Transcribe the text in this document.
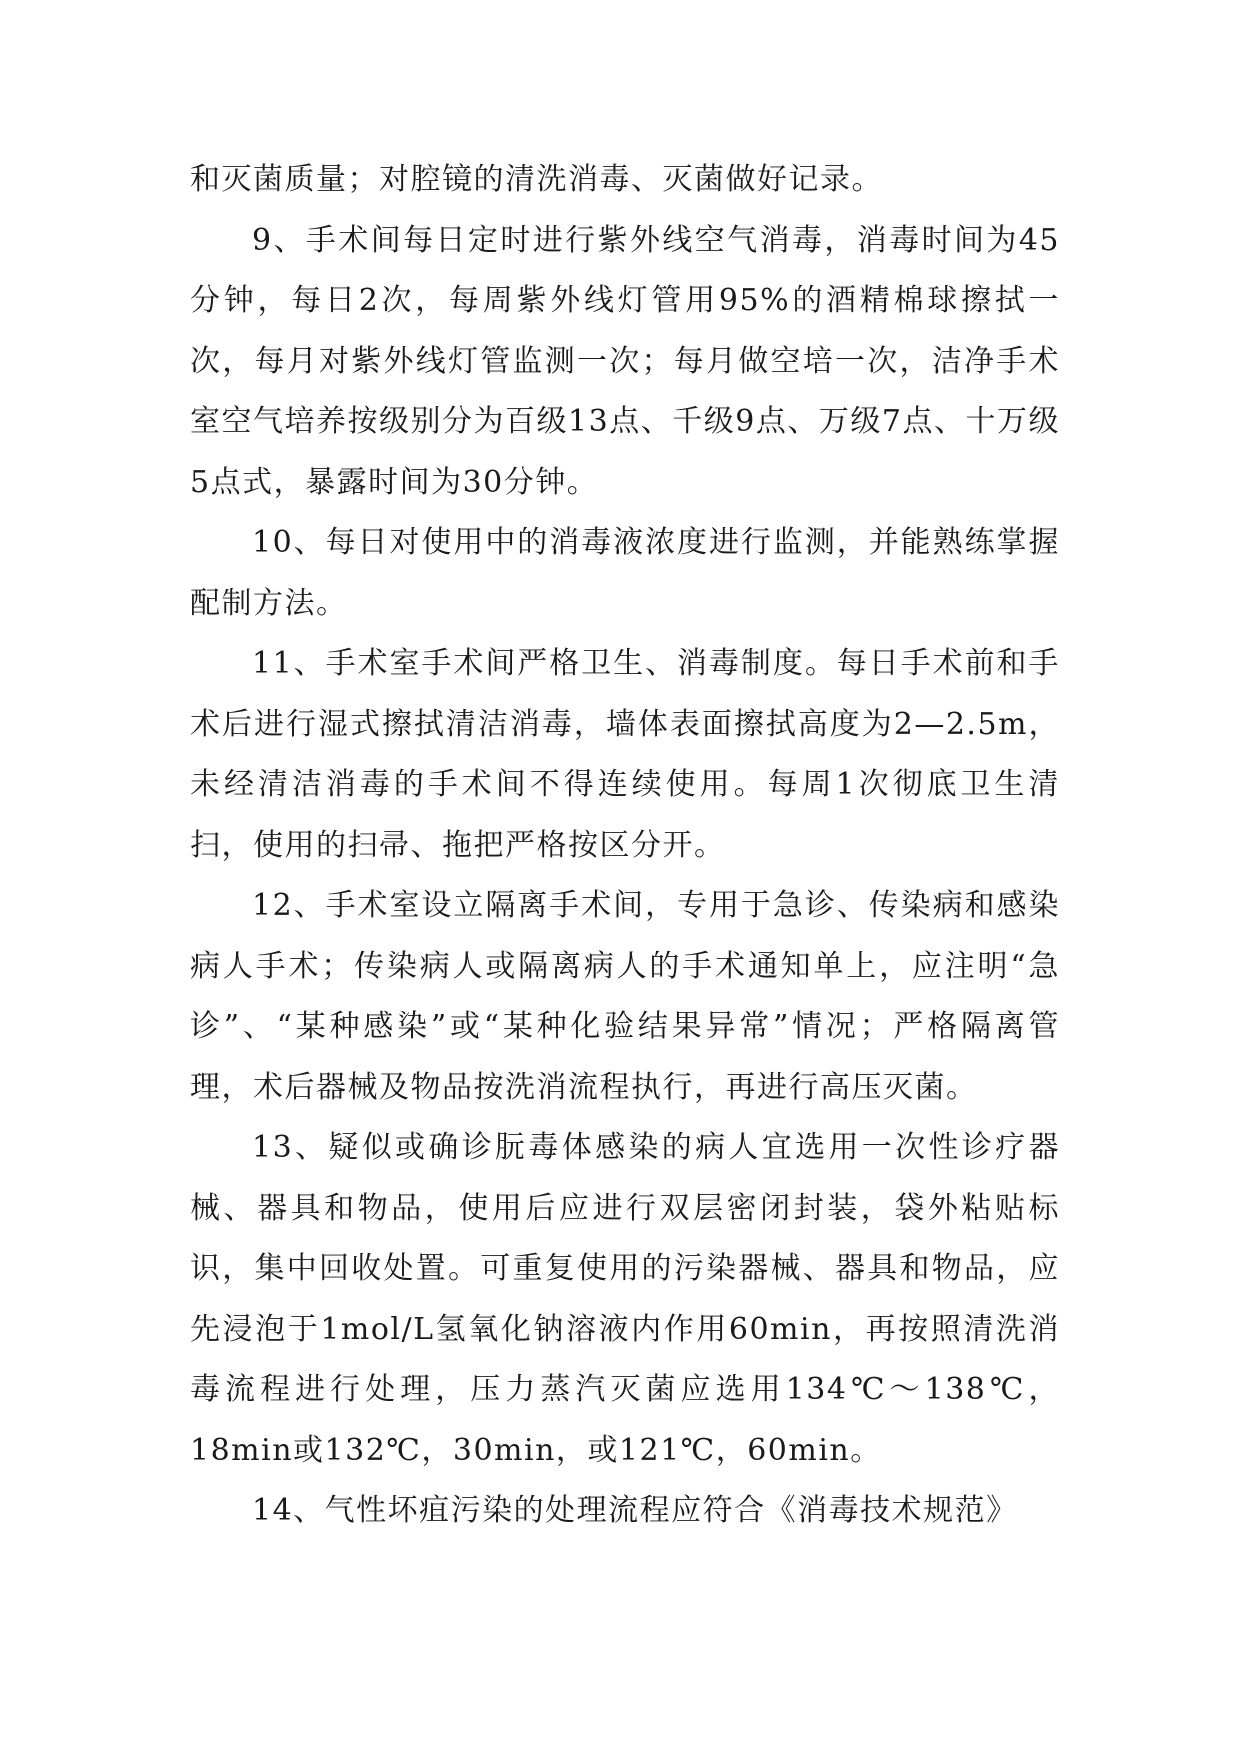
和灭菌质量；对腔镜的清洗消毒、灭菌做好记录。

9、手术间每日定时进行紫外线空气消毒，消毒时间为45分钟，每日2次，每周紫外线灯管用95%的酒精棉球擦拭一次，每月对紫外线灯管监测一次；每月做空培一次，洁净手术室空气培养按级别分为百级13点、千级9点、万级7点、十万级5点式，暴露时间为30分钟。

10、每日对使用中的消毒液浓度进行监测，并能熟练掌握配制方法。

11、手术室手术间严格卫生、消毒制度。每日手术前和手术后进行湿式擦拭清洁消毒，墙体表面擦拭高度为2—2.5m，未经清洁消毒的手术间不得连续使用。每周1次彻底卫生清扫，使用的扫帚、拖把严格按区分开。

12、手术室设立隔离手术间，专用于急诊、传染病和感染病人手术；传染病人或隔离病人的手术通知单上，应注明“急诊”、“某种感染”或“某种化验结果异常”情况；严格隔离管理，术后器械及物品按洗消流程执行，再进行高压灭菌。

13、疑似或确诊朊毒体感染的病人宜选用一次性诊疗器械、器具和物品，使用后应进行双层密闭封装，袋外粘贴标识，集中回收处置。可重复使用的污染器械、器具和物品，应先浸泡于1mol/L氢氧化钠溶液内作用60min，再按照清洗消毒流程进行处理，压力蒸汽灭菌应选用134℃～138℃，18min或132℃，30min，或121℃，60min。

14、气性坏疽污染的处理流程应符合《消毒技术规范》
